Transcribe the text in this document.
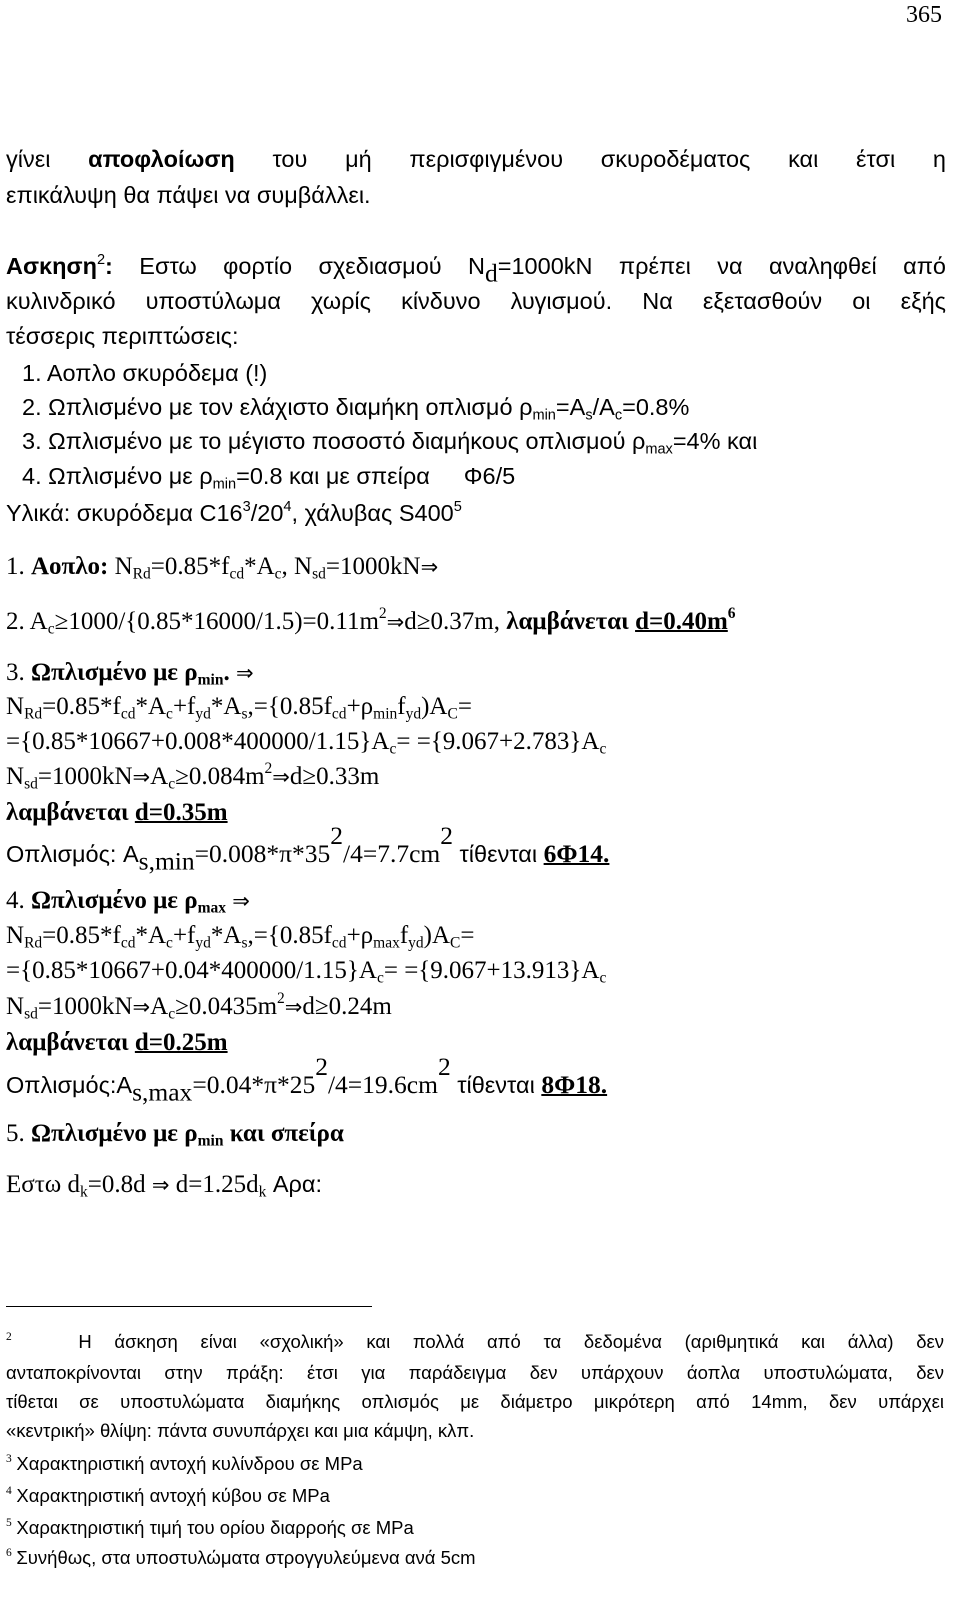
365
γίνει αποφλοίωση του μή περισφιγμένου σκυροδέματος και έτσι η
επικάλυψη θα πάψει να συμβάλλει.
Ασκηση$^2$: Εστω φορτίο σχεδιασμού $N_d=1000kN$ πρέπει να αναληφθεί από
κυλινδρικό υποστύλωμα χωρίς κίνδυνο λυγισμού. Να εξετασθούν οι εξής
τέσσερις περιπτώσεις:
1. Αοπλο σκυρόδεμα (!)
2. Ωπλισμένο με τον ελάχιστο διαμήκη οπλισμό $\rho_{min}=A_s/A_c=0.8\%$
3. Ωπλισμένο με το μέγιστο ποσοστό διαμήκους οπλισμού $\rho_{max}=4\%$ και
4. Ωπλισμένο με $\rho_{min}=0.8$ και με σπείρα Φ6/5
Υλικά: σκυρόδεμα $C16^3/20^4$, χάλυβας $S400^5$
1. Αοπλο: $N_{Rd}=0.85*f_{cd}*A_c$, $N_{sd}=1000kN\Rightarrow$
2. $A_c\ge 1000/\{0.85*16000/1.5)=0.11m^2\Rightarrow d\ge 0.37m$, λαμβάνεται $d=0.40m^6$
3. Ωπλισμένο με $\rho_{min}$. ⇒
$N_{Rd}=0.85*f_{cd}*A_c+f_{yd}*A_s,=\{0.85f_{cd}+\rho_{min}f_{yd})A_C=$
$=\{0.85*10667+0.008*400000/1.15\}A_c= =\{9.067+2.783\}A_c$
$N_{sd}=1000kN\Rightarrow A_c\ge 0.084m^2\Rightarrow d\ge 0.33m$
λαμβάνεται d=0.35m
Οπλισμός: $A_{s,min}=0.008*\pi*35^2/4=7.7cm^2$ τίθενται 6Φ14.
4. Ωπλισμένο με $\rho_{max}$ ⇒
$N_{Rd}=0.85*f_{cd}*A_c+f_{yd}*A_s,=\{0.85f_{cd}+\rho_{max}f_{yd})A_C=$
$=\{0.85*10667+0.04*400000/1.15\}A_c= =\{9.067+13.913\}A_c$
$N_{sd}=1000kN\Rightarrow A_c\ge 0.0435m^2\Rightarrow d\ge 0.24m$
λαμβάνεται d=0.25m
$O\pi\lambda\iota\sigma\mu ό\varsigma:A_{s,max}=0.04*\pi*25^2/4=19.6cm^2$ τίθενται 8Φ18.
5. Ωπλισμένο με $\rho_{min}$ και σπείρα
Εστω $d_k=0.8d$ ⇒ $d=1.25d_k$ Αρα:
$^2$	Η άσκηση είναι «σχολική» και πολλά από τα δεδομένα (αριθμητικά και άλλα) δεν
ανταποκρίνονται στην πράξη: έτσι για παράδειγμα δεν υπάρχουν άοπλα υποστυλώματα, δεν
τίθεται σε υποστυλώματα διαμήκης οπλισμός με διάμετρο μικρότερη από 14mm, δεν υπάρχει
«κεντρική» θλίψη: πάντα συνυπάρχει και μια κάμψη, κλπ.
$^3$ Χαρακτηριστική αντοχή κυλίνδρου σε MPa
$^4$ Χαρακτηριστική αντοχή κύβου σε MPa
$^5$ Χαρακτηριστική τιμή του ορίου διαρροής σε MPa
$^6$ Συνήθως, στα υποστυλώματα στρογγυλεύμενα ανά 5cm
